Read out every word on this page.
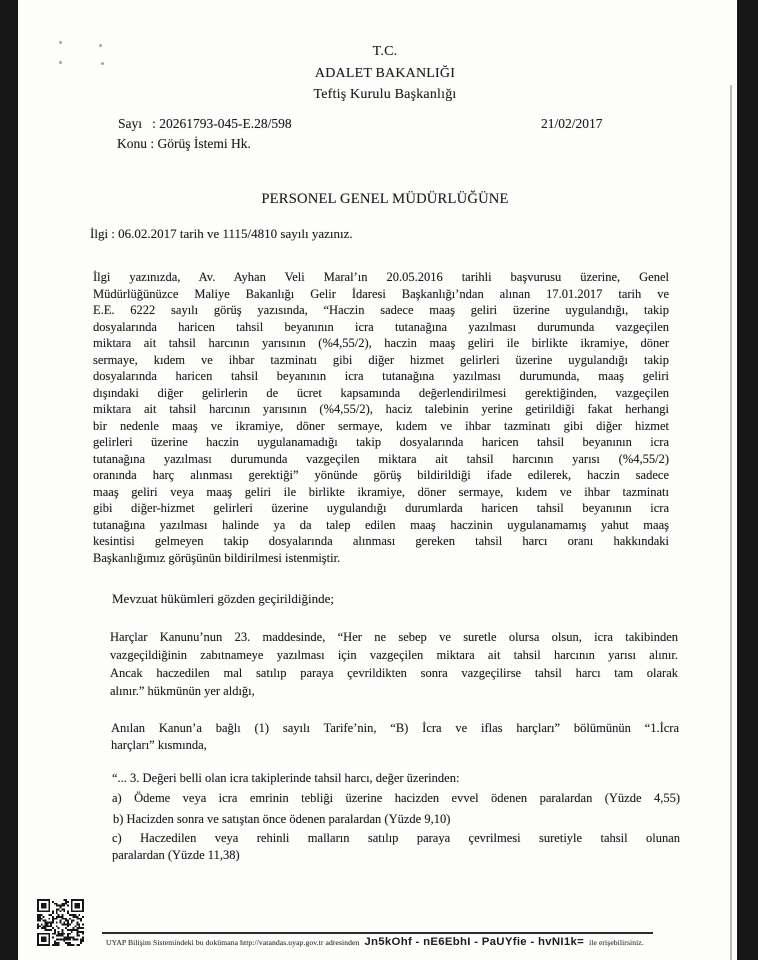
T.C.
ADALET BAKANLIĞI
Teftiş Kurulu Başkanlığı
Sayı   : 20261793-045-E.28/598
Konu : Görüş İstemi Hk.
21/02/2017
PERSONEL GENEL MÜDÜRLÜĞÜNE
İlgi : 06.02.2017 tarih ve 1115/4810 sayılı yazınız.
İlgi yazınızda, Av. Ayhan Veli Maral’ın 20.05.2016 tarihli başvurusu üzerine, Genel
Müdürlüğünüzce Maliye Bakanlığı Gelir İdaresi Başkanlığı’ndan alınan 17.01.2017 tarih ve
E.E. 6222 sayılı görüş yazısında, “Haczin sadece maaş geliri üzerine uygulandığı, takip
dosyalarında haricen tahsil beyanının icra tutanağına yazılması durumunda vazgeçilen
miktara ait tahsil harcının yarısının (%4,55/2), haczin maaş geliri ile birlikte ikramiye, döner
sermaye, kıdem ve ihbar tazminatı gibi diğer hizmet gelirleri üzerine uygulandığı takip
dosyalarında haricen tahsil beyanının icra tutanağına yazılması durumunda, maaş geliri
dışındaki diğer gelirlerin de ücret kapsamında değerlendirilmesi gerektiğinden, vazgeçilen
miktara ait tahsil harcının yarısının (%4,55/2), haciz talebinin yerine getirildiği fakat herhangi
bir nedenle maaş ve ikramiye, döner sermaye, kıdem ve ihbar tazminatı gibi diğer hizmet
gelirleri üzerine haczin uygulanamadığı takip dosyalarında haricen tahsil beyanının icra
tutanağına yazılması durumunda vazgeçilen miktara ait tahsil harcının yarısı (%4,55/2)
oranında harç alınması gerektiği” yönünde görüş bildirildiği ifade edilerek, haczin sadece
maaş geliri veya maaş geliri ile birlikte ikramiye, döner sermaye, kıdem ve ihbar tazminatı
gibi diğer-hizmet gelirleri üzerine uygulandığı durumlarda haricen tahsil beyanının icra
tutanağına yazılması halinde ya da talep edilen maaş haczinin uygulanamamış yahut maaş
kesintisi gelmeyen takip dosyalarında alınması gereken tahsil harcı oranı hakkındaki
Başkanlığımız görüşünün bildirilmesi istenmiştir.
Mevzuat hükümleri gözden geçirildiğinde;
Harçlar Kanunu’nun 23. maddesinde, “Her ne sebep ve suretle olursa olsun, icra takibinden
vazgeçildiğinin zabıtnameye yazılması için vazgeçilen miktara ait tahsil harcının yarısı alınır.
Ancak haczedilen mal satılıp paraya çevrildikten sonra vazgeçilirse tahsil harcı tam olarak
alınır.” hükmünün yer aldığı,
Anılan Kanun’a bağlı (1) sayılı Tarife’nin, “B) İcra ve iflas harçları” bölümünün “1.İcra
harçları” kısmında,
“... 3. Değeri belli olan icra takiplerinde tahsil harcı, değer üzerinden:
a) Ödeme veya icra emrinin tebliği üzerine hacizden evvel ödenen paralardan (Yüzde 4,55)
b) Hacizden sonra ve satıştan önce ödenen paralardan (Yüzde 9,10)
c) Haczedilen veya rehinli malların satılıp paraya çevrilmesi suretiyle tahsil olunan
paralardan (Yüzde 11,38)
UYAP Bilişim Sistemindeki bu dokümana http://vatandas.uyap.gov.tr adresinden Jn5kOhf - nE6EbhI - PaUYfie - hvNI1k= ile erişebilirsiniz.
